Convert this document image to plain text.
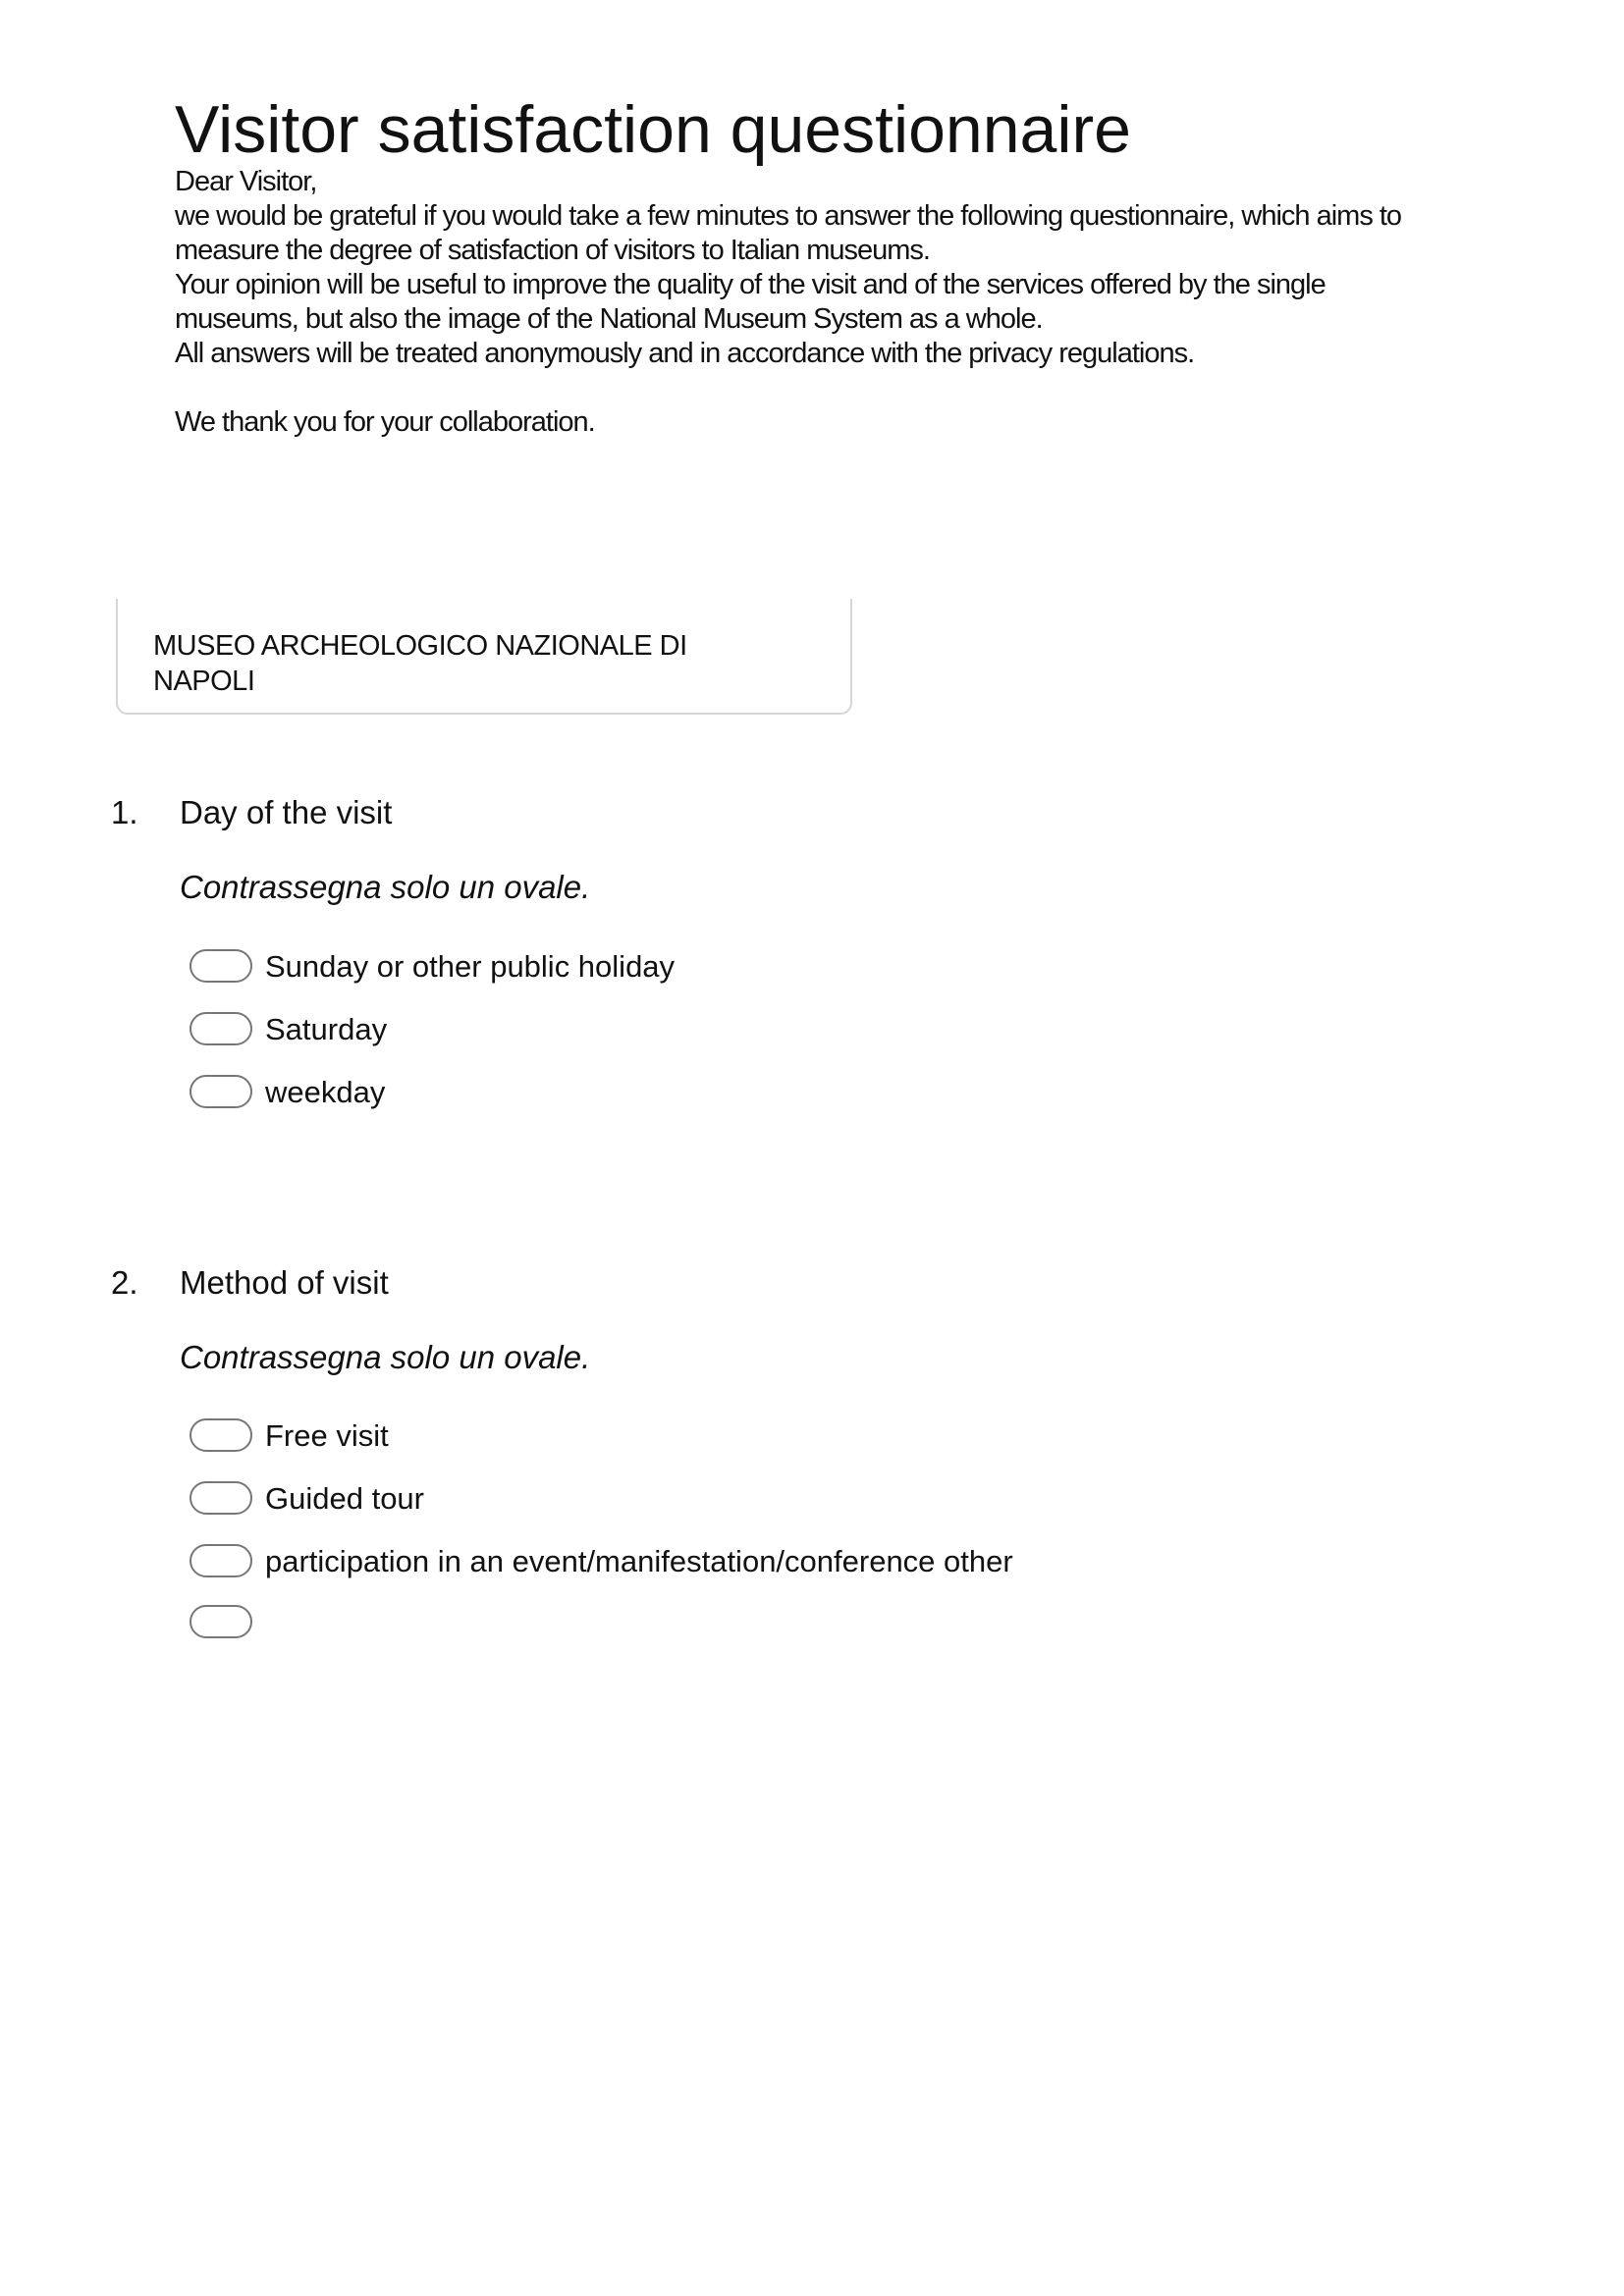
Visitor satisfaction questionnaire

Dear Visitor,

we would be grateful if you would take a few minutes to answer the following questionnaire, which aims to

measure the degree of satisfaction of visitors to Italian museums.

Your opinion will be useful to improve the quality of the visit and of the services offered by the single

museums, but also the image of the National Museum System as a whole.

All answers will be treated anonymously and in accordance with the privacy regulations.

We thank you for your collaboration.

MUSEO ARCHEOLOGICO NAZIONALE DI
NAPOLI
1. Day of the visit
Contrassegna solo un ovale.
Sunday or other public holiday
Saturday
weekday
2. Method of visit
Contrassegna solo un ovale.
Free visit
Guided tour
participation in an event/manifestation/conference other
